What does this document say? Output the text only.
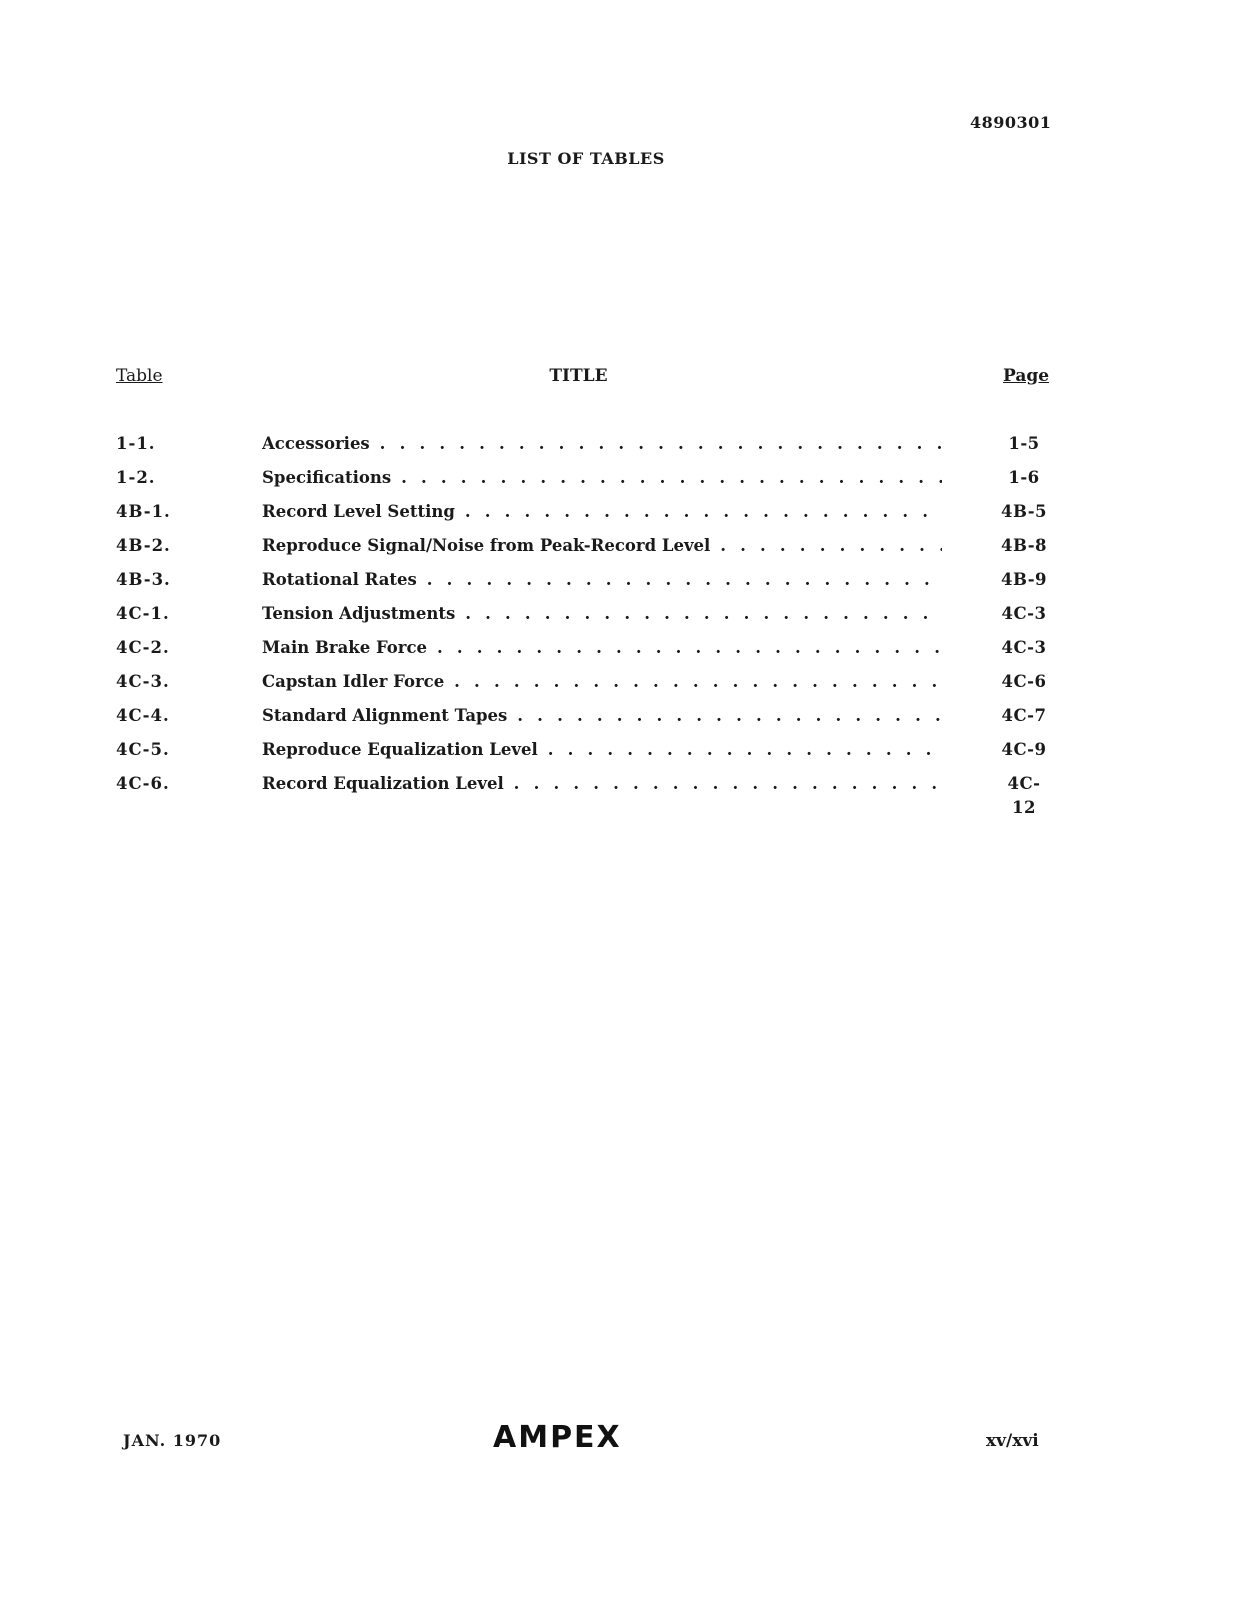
4890301
LIST OF TABLES
Table	TITLE	Page
1-1.	Accessories . . .	1-5
1-2.	Specifications . . .	1-6
4B-1.	Record Level Setting . . .	4B-5
4B-2.	Reproduce Signal/Noise from Peak-Record Level . . .	4B-8
4B-3.	Rotational Rates . . .	4B-9
4C-1.	Tension Adjustments . . .	4C-3
4C-2.	Main Brake Force . . .	4C-3
4C-3.	Capstan Idler Force . . .	4C-6
4C-4.	Standard Alignment Tapes . . .	4C-7
4C-5.	Reproduce Equalization Level . . .	4C-9
4C-6.	Record Equalization Level . . .	4C-12
JAN. 1970	AMPEX	xv/xvi
